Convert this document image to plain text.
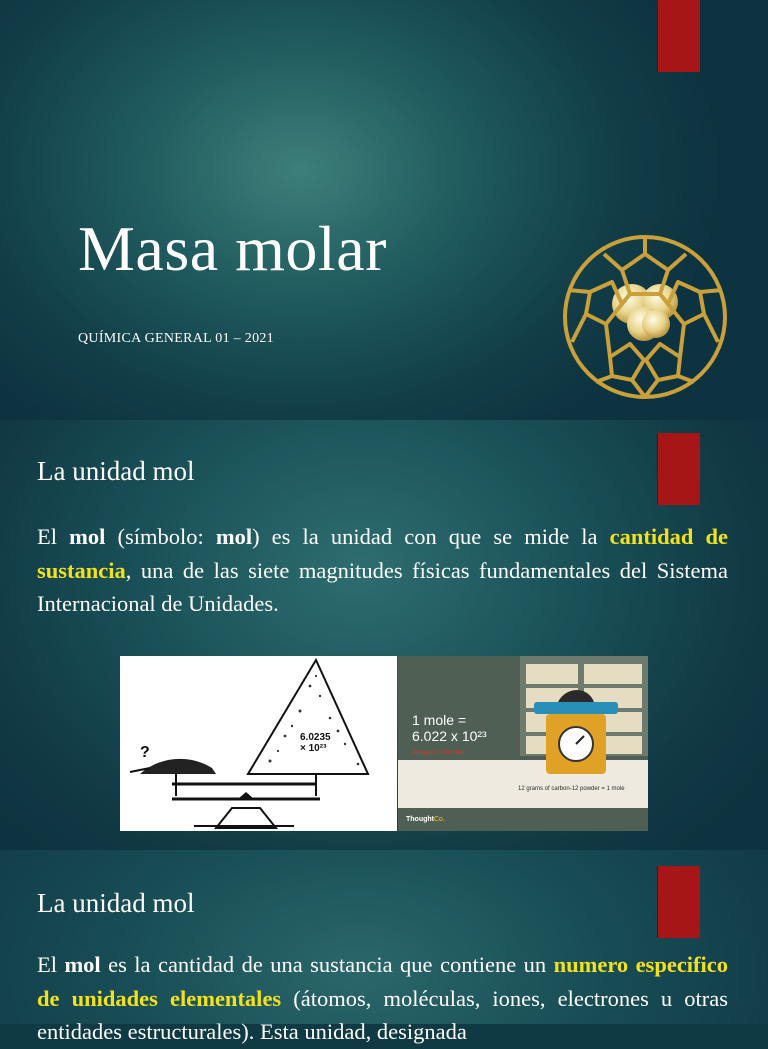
Masa molar

QUÍMICA GENERAL 01 – 2021

La unidad mol

El mol (símbolo: mol) es la unidad con que se mide la cantidad de sustancia, una de las siete magnitudes físicas fundamentales del Sistema Internacional de Unidades.

?
6.0235
× 10²³
1 mole =
6.022 x 10²³
Avogadro's Number
12 grams of carbon-12 powder = 1 mole
ThoughtCo.
La unidad mol

El mol es la cantidad de una sustancia que contiene un numero especifico de unidades elementales (átomos, moléculas, iones, electrones u otras entidades estructurales). Esta unidad, designada
